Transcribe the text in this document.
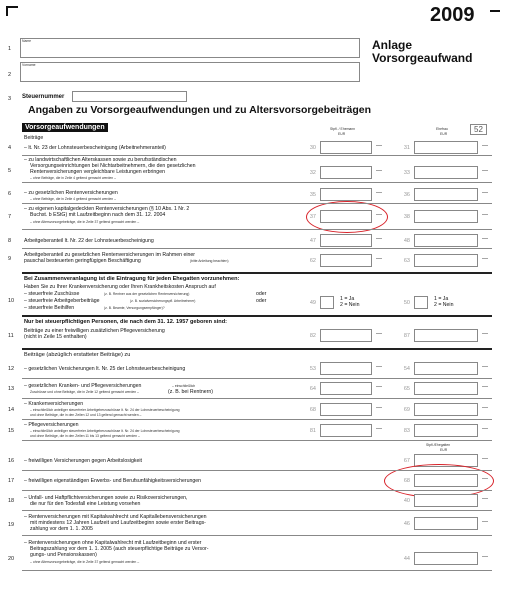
2009
1
2
3
Name
Vorname
Anlage
Vorsorgeaufwand
Steuernummer
Angaben zu Vorsorgeaufwendungen und zu Altersvorsorgebeiträgen
Vorsorgeaufwendungen
Beiträge
Stpfl. / Ehemann
EUR
Ehefrau
EUR	52
4 – lt. Nr. 23 der Lohnsteuerbescheinigung (Arbeitnehmeranteil)	30	—	31	—
5
– zu landwirtschaftlichen Alterskassen sowie zu berufsständischen
Versorgungseinrichtungen bei Nichtarbeitnehmern, die den gesetzlichen
Rentenversicherungen vergleichbare Leistungen erbringen
– ohne Beiträge, die in Zeile 4 geltend gemacht werden –
32	—	33	—
6 – zu gesetzlichen Rentenversicherungen
– ohne Beiträge, die in Zeile 4 geltend gemacht werden –
35	—	36	—
7
– zu eigenen kapitalgedeckten Rentenversicherungen (§ 10 Abs. 1 Nr. 2
Buchst. b EStG) mit Laufzeitbeginn nach dem 31. 12. 2004
– ohne Altersvorsorgebeiträge, die in Zeile 37 geltend gemacht werden –
37	—	38	—
8 Arbeitgeberanteil lt. Nr. 22 der Lohnsteuerbescheinigung	47	—	48	—
9
Arbeitgeberanteil zu gesetzlichen Rentenversicherungen im Rahmen einer
pauschal besteuerten geringfügigen Beschäftigung	(bitte Anleitung beachten)	62	—	63	—
Bei Zusammenveranlagung ist die Eintragung für jeden Ehegatten vorzunehmen:
Haben Sie zu Ihrer Krankenversicherung oder Ihren Krankheitskosten Anspruch auf
– steuerfreie Zuschüsse	(z. B. Rentner aus der gesetzlichen Rentenversicherung)	oder
10 – steuerfreie Arbeitgeberbeiträge	(z. B. sozialversicherungspfl. Arbeitnehmer)	oder
– steuerfreie Beihilfen	(z. B. Beamte, Versorgungsempfänger)?
49
1 = Ja
2 = Nein	50
1 = Ja
2 = Nein
Nur bei steuerpflichtigen Personen, die nach dem 31. 12. 1957 geboren sind:
11
Beiträge zu einer freiwilligen zusätzlichen Pflegeversicherung
(nicht in Zeile 15 enthalten)	82	—	87	—
Beiträge (abzüglich erstatteter Beiträge) zu
12 – gesetzlichen Versicherungen lt. Nr. 25 der Lohnsteuerbescheinigung	53	—	54	—
13 – gesetzlichen Kranken- und Pflegeversicherungen	– einschließlich
Zuschüsse und ohne Beiträge, die in Zeile 12 geltend gemacht werden –	(z. B. bei Rentnern)	64	—	65	—
14
– Krankenversicherungen
– einschließlich anteiliger steuerfreier Arbeitgeberzuschüsse lt. Nr. 24 der Lohnsteuerbescheinigung
und ohne Beiträge, die in den Zeilen 12 und 13 geltend gemacht werden –
68	—	69	—
15
– Pflegeversicherungen
– einschließlich anteiliger steuerfreier Arbeitgeberzuschüsse lt. Nr. 24 der Lohnsteuerbescheinigung
und ohne Beiträge, die in den Zeilen 11 bis 13 geltend gemacht werden –
81	—	83	—
Stpfl./Ehegatten
EUR
16 – freiwilligen Versicherungen gegen Arbeitslosigkeit	67	—
17 – freiwilligen eigenständigen Erwerbs- und Berufsunfähigkeitsversicherungen	68	—
18 – Unfall- und Haftpflichtversicherungen sowie zu Risikoversicherungen,
die nur für den Todesfall eine Leistung vorsehen	40	—
19
– Rentenversicherungen mit Kapitalwahlrecht und Kapitallebensversicherungen
mit mindestens 12 Jahren Laufzeit und Laufzeitbeginn sowie erster Beitrags-
zahlung vor dem 1. 1. 2005
46	—
20
– Rentenversicherungen ohne Kapitalwahlrecht mit Laufzeitbeginn und erster
Beitragszahlung vor dem 1. 1. 2005 (auch steuerpflichtige Beiträge zu Versor-
gungs- und Pensionskassen)
– ohne Altersvorsorgebeiträge, die in Zeile 37 geltend gemacht werden –	44	—
